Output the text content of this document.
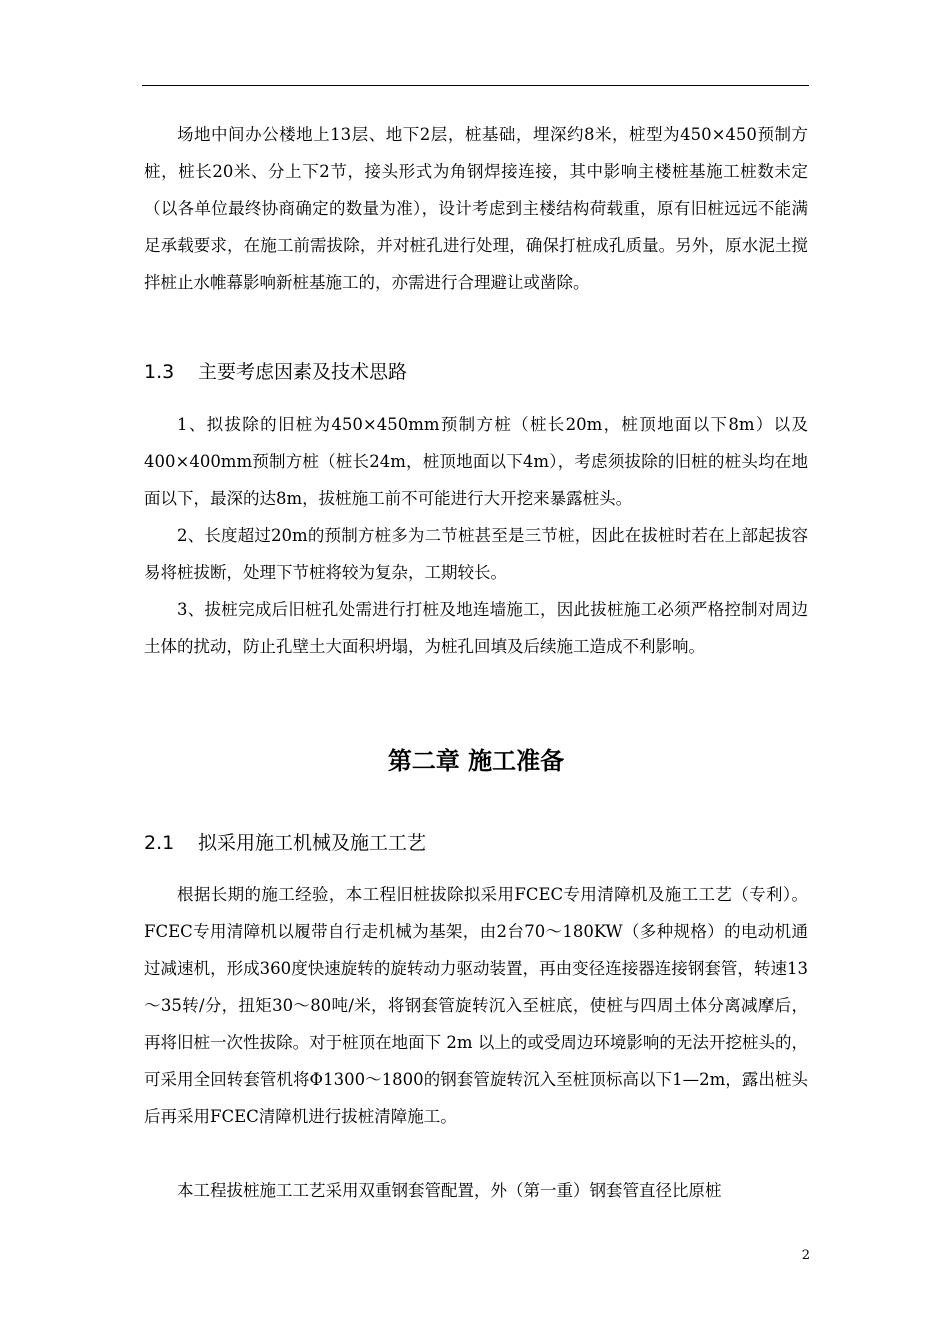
场地中间办公楼地上13层、地下2层，桩基础，埋深约8米，桩型为450×450预制方桩，桩长20米、分上下2节，接头形式为角钢焊接连接，其中影响主楼桩基施工桩数未定（以各单位最终协商确定的数量为准），设计考虑到主楼结构荷载重，原有旧桩远远不能满足承载要求，在施工前需拔除，并对桩孔进行处理，确保打桩成孔质量。另外，原水泥土搅拌桩止水帷幕影响新桩基施工的，亦需进行合理避让或凿除。

1.3 主要考虑因素及技术思路

1、拟拔除的旧桩为450×450mm预制方桩（桩长20m，桩顶地面以下8m）以及400×400mm预制方桩（桩长24m，桩顶地面以下4m），考虑须拔除的旧桩的桩头均在地面以下，最深的达8m，拔桩施工前不可能进行大开挖来暴露桩头。

2、长度超过20m的预制方桩多为二节桩甚至是三节桩，因此在拔桩时若在上部起拔容易将桩拔断，处理下节桩将较为复杂，工期较长。

3、拔桩完成后旧桩孔处需进行打桩及地连墙施工，因此拔桩施工必须严格控制对周边土体的扰动，防止孔壁土大面积坍塌，为桩孔回填及后续施工造成不利影响。

第二章 施工准备
2.1 拟采用施工机械及施工工艺

根据长期的施工经验，本工程旧桩拔除拟采用FCEC专用清障机及施工工艺（专利）。FCEC专用清障机以履带自行走机械为基架，由2台70～180KW（多种规格）的电动机通过减速机，形成360度快速旋转的旋转动力驱动装置，再由变径连接器连接钢套管，转速13～35转/分，扭矩30～80吨/米，将钢套管旋转沉入至桩底，使桩与四周土体分离减摩后，再将旧桩一次性拔除。对于桩顶在地面下 2m 以上的或受周边环境影响的无法开挖桩头的，可采用全回转套管机将Φ1300～1800的钢套管旋转沉入至桩顶标高以下1—2m，露出桩头后再采用FCEC清障机进行拔桩清障施工。

本工程拔桩施工工艺采用双重钢套管配置，外（第一重）钢套管直径比原桩

2
